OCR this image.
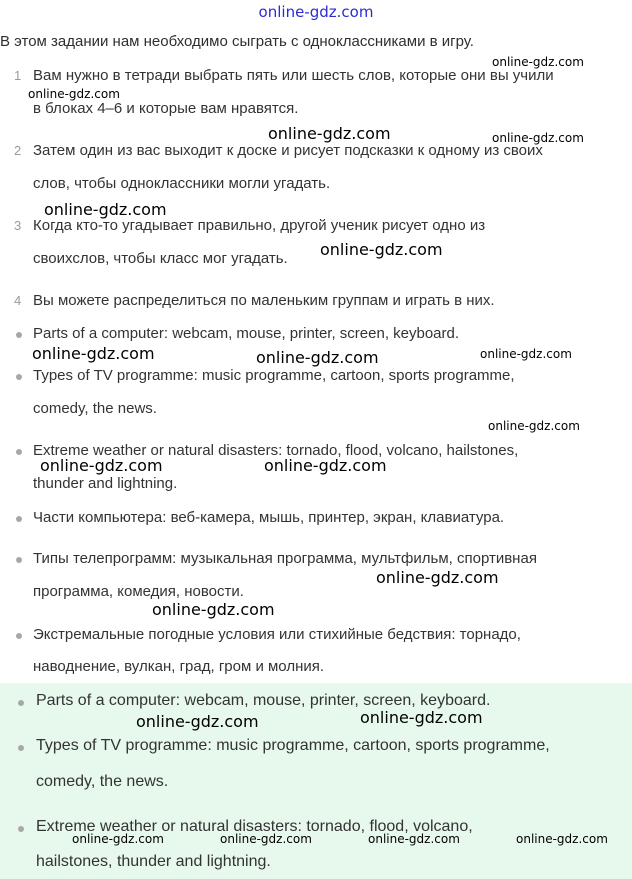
online-gdz.com
В этом задании нам необходимо сыграть с одноклассниками в игру.
1 Вам нужно в тетради выбрать пять или шесть слов, которые они вы учили
в блоках 4–6 и которые вам нравятся.
2 Затем один из вас выходит к доске и рисует подсказки к одному из своих
слов, чтобы одноклассники могли угадать.
3 Когда кто-то угадывает правильно, другой ученик рисует одно из
своихслов, чтобы класс мог угадать.
4 Вы можете распределиться по маленьким группам и играть в них.
Parts of a computer: webcam, mouse, printer, screen, keyboard.
Types of TV programme: music programme, cartoon, sports programme,
comedy, the news.
Extreme weather or natural disasters: tornado, flood, volcano, hailstones,
thunder and lightning.
Части компьютера: веб-камера, мышь, принтер, экран, клавиатура.
Типы телепрограмм: музыкальная программа, мультфильм, спортивная
программа, комедия, новости.
Экстремальные погодные условия или стихийные бедствия: торнадо,
наводнение, вулкан, град, гром и молния.
Parts of a computer: webcam, mouse, printer, screen, keyboard.
Types of TV programme: music programme, cartoon, sports programme,
comedy, the news.
Extreme weather or natural disasters: tornado, flood, volcano,
hailstones, thunder and lightning.
online-gdz.com
online-gdz.com
online-gdz.com	online-gdz.com
online-gdz.com
online-gdz.com
online-gdz.com	online-gdz.com	online-gdz.com
online-gdz.com
online-gdz.com	online-gdz.com
online-gdz.com
online-gdz.com
online-gdz.com
online-gdz.com
online-gdz.com	online-gdz.com	online-gdz.com	online-gdz.com
